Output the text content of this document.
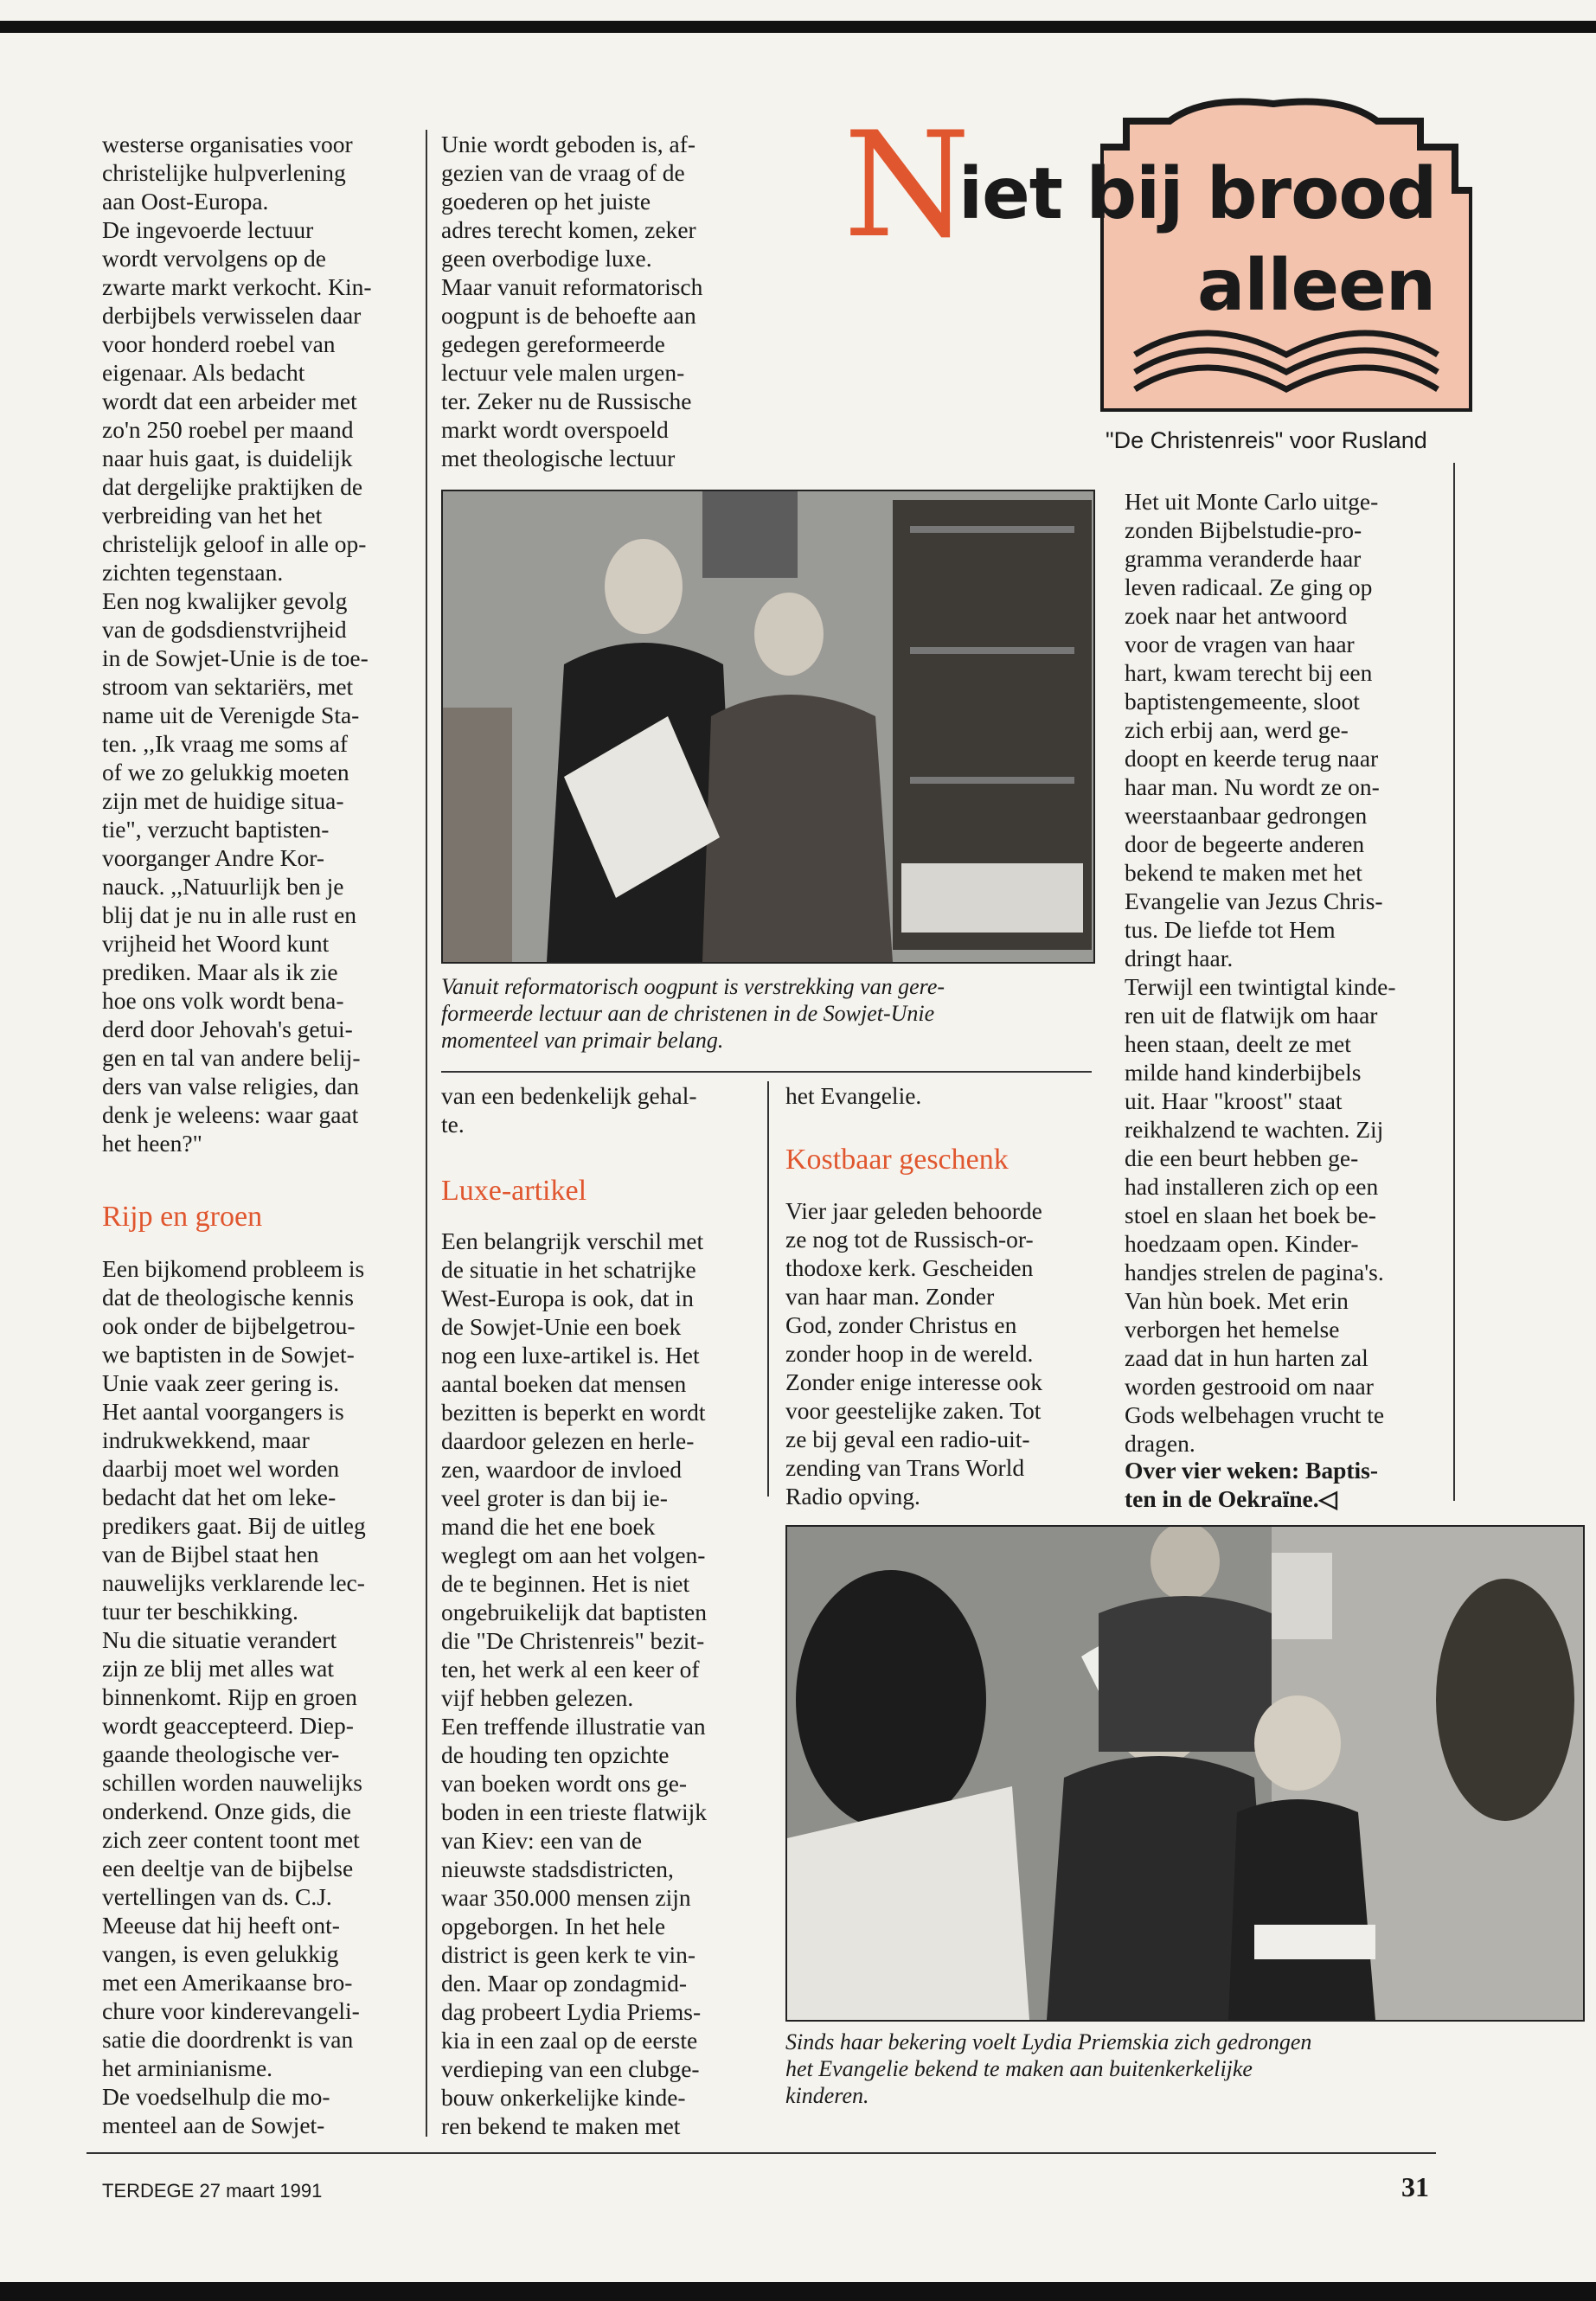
westerse organisaties voor
christelijke hulpverlening
aan Oost-Europa.
De ingevoerde lectuur
wordt vervolgens op de
zwarte markt verkocht. Kin-
derbijbels verwisselen daar
voor honderd roebel van
eigenaar. Als bedacht
wordt dat een arbeider met
zo'n 250 roebel per maand
naar huis gaat, is duidelijk
dat dergelijke praktijken de
verbreiding van het het
christelijk geloof in alle op-
zichten tegenstaan.
Een nog kwalijker gevolg
van de godsdienstvrijheid
in de Sowjet-Unie is de toe-
stroom van sektariërs, met
name uit de Verenigde Sta-
ten. ,,Ik vraag me soms af
of we zo gelukkig moeten
zijn met de huidige situa-
tie", verzucht baptisten-
voorganger Andre Kor-
nauck. ,,Natuurlijk ben je
blij dat je nu in alle rust en
vrijheid het Woord kunt
prediken. Maar als ik zie
hoe ons volk wordt bena-
derd door Jehovah's getui-
gen en tal van andere belij-
ders van valse religies, dan
denk je weleens: waar gaat
het heen?"
Rijp en groen
Een bijkomend probleem is
dat de theologische kennis
ook onder de bijbelgetrou-
we baptisten in de Sowjet-
Unie vaak zeer gering is.
Het aantal voorgangers is
indrukwekkend, maar
daarbij moet wel worden
bedacht dat het om leke-
predikers gaat. Bij de uitleg
van de Bijbel staat hen
nauwelijks verklarende lec-
tuur ter beschikking.
Nu die situatie verandert
zijn ze blij met alles wat
binnenkomt. Rijp en groen
wordt geaccepteerd. Diep-
gaande theologische ver-
schillen worden nauwelijks
onderkend. Onze gids, die
zich zeer content toont met
een deeltje van de bijbelse
vertellingen van ds. C.J.
Meeuse dat hij heeft ont-
vangen, is even gelukkig
met een Amerikaanse bro-
chure voor kinderevangeli-
satie die doordrenkt is van
het arminianisme.
De voedselhulp die mo-
menteel aan de Sowjet-
Unie wordt geboden is, af-
gezien van de vraag of de
goederen op het juiste
adres terecht komen, zeker
geen overbodige luxe.
Maar vanuit reformatorisch
oogpunt is de behoefte aan
gedegen gereformeerde
lectuur vele malen urgen-
ter. Zeker nu de Russische
markt wordt overspoeld
met theologische lectuur
Vanuit reformatorisch oogpunt is verstrekking van gere-
formeerde lectuur aan de christenen in de Sowjet-Unie
momenteel van primair belang.
van een bedenkelijk gehal-
te.
Luxe-artikel
Een belangrijk verschil met
de situatie in het schatrijke
West-Europa is ook, dat in
de Sowjet-Unie een boek
nog een luxe-artikel is. Het
aantal boeken dat mensen
bezitten is beperkt en wordt
daardoor gelezen en herle-
zen, waardoor de invloed
veel groter is dan bij ie-
mand die het ene boek
weglegt om aan het volgen-
de te beginnen. Het is niet
ongebruikelijk dat baptisten
die "De Christenreis" bezit-
ten, het werk al een keer of
vijf hebben gelezen.
Een treffende illustratie van
de houding ten opzichte
van boeken wordt ons ge-
boden in een trieste flatwijk
van Kiev: een van de
nieuwste stadsdistricten,
waar 350.000 mensen zijn
opgeborgen. In het hele
district is geen kerk te vin-
den. Maar op zondagmid-
dag probeert Lydia Priems-
kia in een zaal op de eerste
verdieping van een clubge-
bouw onkerkelijke kinde-
ren bekend te maken met
het Evangelie.
Kostbaar geschenk
Vier jaar geleden behoorde
ze nog tot de Russisch-or-
thodoxe kerk. Gescheiden
van haar man. Zonder
God, zonder Christus en
zonder hoop in de wereld.
Zonder enige interesse ook
voor geestelijke zaken. Tot
ze bij geval een radio-uit-
zending van Trans World
Radio opving.
N
iet bij brood
alleen
"De Christenreis" voor Rusland
Het uit Monte Carlo uitge-
zonden Bijbelstudie-pro-
gramma veranderde haar
leven radicaal. Ze ging op
zoek naar het antwoord
voor de vragen van haar
hart, kwam terecht bij een
baptistengemeente, sloot
zich erbij aan, werd ge-
doopt en keerde terug naar
haar man. Nu wordt ze on-
weerstaanbaar gedrongen
door de begeerte anderen
bekend te maken met het
Evangelie van Jezus Chris-
tus. De liefde tot Hem
dringt haar.
Terwijl een twintigtal kinde-
ren uit de flatwijk om haar
heen staan, deelt ze met
milde hand kinderbijbels
uit. Haar "kroost" staat
reikhalzend te wachten. Zij
die een beurt hebben ge-
had installeren zich op een
stoel en slaan het boek be-
hoedzaam open. Kinder-
handjes strelen de pagina's.
Van hùn boek. Met erin
verborgen het hemelse
zaad dat in hun harten zal
worden gestrooid om naar
Gods welbehagen vrucht te
dragen.
Over vier weken: Baptis-
ten in de Oekraïne.◁
Sinds haar bekering voelt Lydia Priemskia zich gedrongen
het Evangelie bekend te maken aan buitenkerkelijke
kinderen.
TERDEGE 27 maart 1991	31
